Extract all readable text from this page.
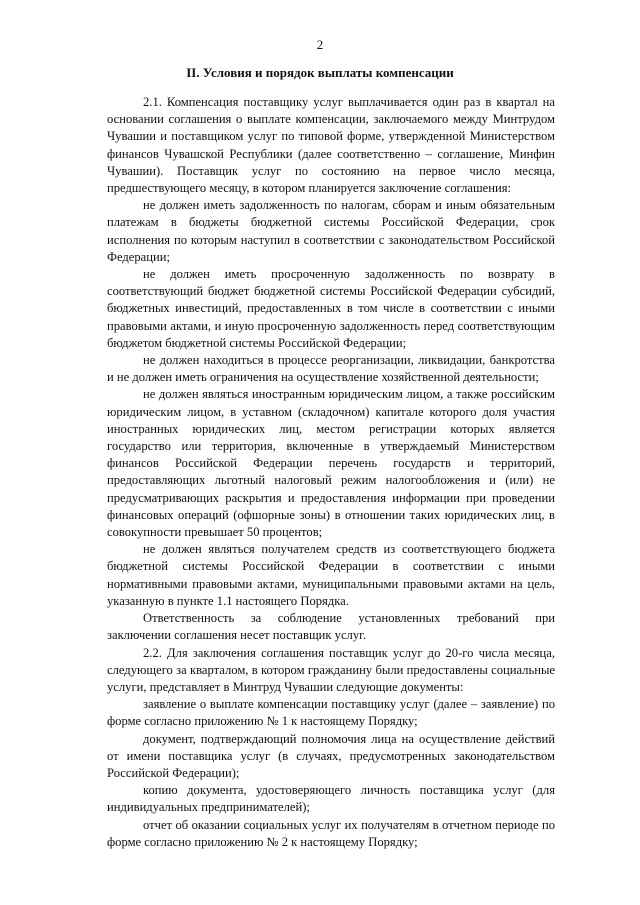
2
II. Условия и порядок выплаты компенсации

2.1. Компенсация поставщику услуг выплачивается один раз в квартал на основании соглашения о выплате компенсации, заключаемого между Минтрудом Чувашии и поставщиком услуг по типовой форме, утвержденной Министерством финансов Чувашской Республики (далее соответственно – соглашение, Минфин Чувашии). Поставщик услуг по состоянию на первое число месяца, предшествующего месяцу, в котором планируется заключение соглашения:

не должен иметь задолженность по налогам, сборам и иным обязательным платежам в бюджеты бюджетной системы Российской Федерации, срок исполнения по которым наступил в соответствии с законодательством Российской Федерации;

не должен иметь просроченную задолженность по возврату в соответствующий бюджет бюджетной системы Российской Федерации субсидий, бюджетных инвестиций, предоставленных в том числе в соответствии с иными правовыми актами, и иную просроченную задолженность перед соответствующим бюджетом бюджетной системы Российской Федерации;

не должен находиться в процессе реорганизации, ликвидации, банкротства и не должен иметь ограничения на осуществление хозяйственной деятельности;

не должен являться иностранным юридическим лицом, а также российским юридическим лицом, в уставном (складочном) капитале которого доля участия иностранных юридических лиц, местом регистрации которых является государство или территория, включенные в утверждаемый Министерством финансов Российской Федерации перечень государств и территорий, предоставляющих льготный налоговый режим налогообложения и (или) не предусматривающих раскрытия и предоставления информации при проведении финансовых операций (офшорные зоны) в отношении таких юридических лиц, в совокупности превышает 50 процентов;

не должен являться получателем средств из соответствующего бюджета бюджетной системы Российской Федерации в соответствии с иными нормативными правовыми актами, муниципальными правовыми актами на цель, указанную в пункте 1.1 настоящего Порядка.

Ответственность за соблюдение установленных требований при заключении соглашения несет поставщик услуг.

2.2. Для заключения соглашения поставщик услуг до 20-го числа месяца, следующего за кварталом, в котором гражданину были предоставлены социальные услуги, представляет в Минтруд Чувашии следующие документы:

заявление о выплате компенсации поставщику услуг (далее – заявление) по форме согласно приложению № 1 к настоящему Порядку;

документ, подтверждающий полномочия лица на осуществление действий от имени поставщика услуг (в случаях, предусмотренных законодательством Российской Федерации);

копию документа, удостоверяющего личность поставщика услуг (для индивидуальных предпринимателей);

отчет об оказании социальных услуг их получателям в отчетном периоде по форме согласно приложению № 2 к настоящему Порядку;
